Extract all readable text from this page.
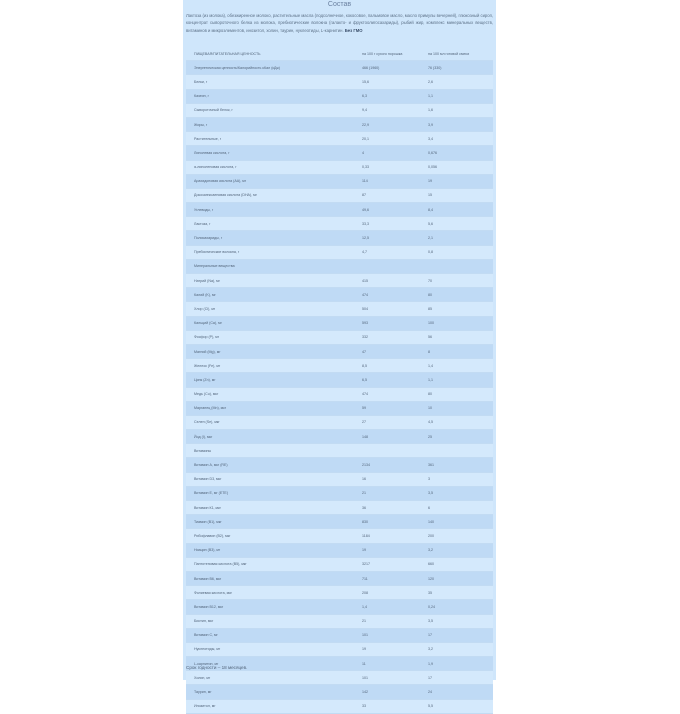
Состав

Лактоза (из молока), обезжиренное молоко, растительные масла (подсолнечное, кокосовое, пальмовое масло, масло примулы вечерней), глюкозный сироп, концентрат сывороточного белка из молока, пребиотические волокна (галакто- и фруктоолигосахариды), рыбий жир, комплекс минеральных веществ, витаминов и микроэлементов, инозитол, холин, таурин, нуклеотиды, L-карнитин. Без ГМО

ПИЩЕВАЯ/ПИТАТЕЛЬНАЯ ЦЕННОСТЬ	на 100 г сухого порошка	на 100 мл готовой смеси
Энергетическая ценность/Калорийность кКал (кДж)	466 (1960)	76 (330)
Белки, г	15,6	2,6
Казеин, г	6,3	1,1
Сывороточный белок, г	9,4	1,6
Жиры, г	22,9	3,9
Растительные, г	20,1	3,4
Линолевая кислота, г	4	0,676
α-линоленовая кислота, г	0,33	0,056
Арахидоновая кислота (АА), мг	114	19
Докозагексаеновая кислота (DHA), мг	87	15
Углеводы, г	49,6	8,4
Лактоза, г	33,3	5,6
Полисахариды, г	12,5	2,1
Пребиотические волокна, г	4,7	0,8
Минеральные вещества
Натрий (Na), мг	415	70
Калий (K), мг	474	80
Хлор (Cl), мг	504	85
Кальций (Ca), мг	593	100
Фосфор (P), мг	332	56
Магний (Mg), мг	47	8
Железо (Fe), мг	8,5	1,4
Цинк (Zn), мг	6,5	1,1
Медь (Cu), мкг	474	80
Марганец (Mn), мкг	59	10
Селен (Se), мкг	27	4,5
Йод (I), мкг	148	25
Витамины
Витамин А, мкг (RE)	2134	361
Витамин D3, мкг	16	3
Витамин Е, мг (ЕТЕ)	21	3,5
Витамин К1, мкг	36	6
Тиамин (В1), мкг	830	140
Рибофлавин (В2), мкг	1184	200
Ниацин (В3), мг	19	3,2
Пантотеновая кислота (В5), мкг	3217	660
Витамин В6, мкг	711	120
Фолиевая кислота, мкг	208	35
Витамин В12, мкг	1,4	0,24
Биотин, мкг	21	3,5
Витамин С, мг	101	17
Нуклеотиды, мг	19	3,2
L-карнитин, мг	11	1,9
Холин, мг	101	17
Таурин, мг	142	24
Инозитол, мг	33	5,5
Срок годности – 18 месяцев.
